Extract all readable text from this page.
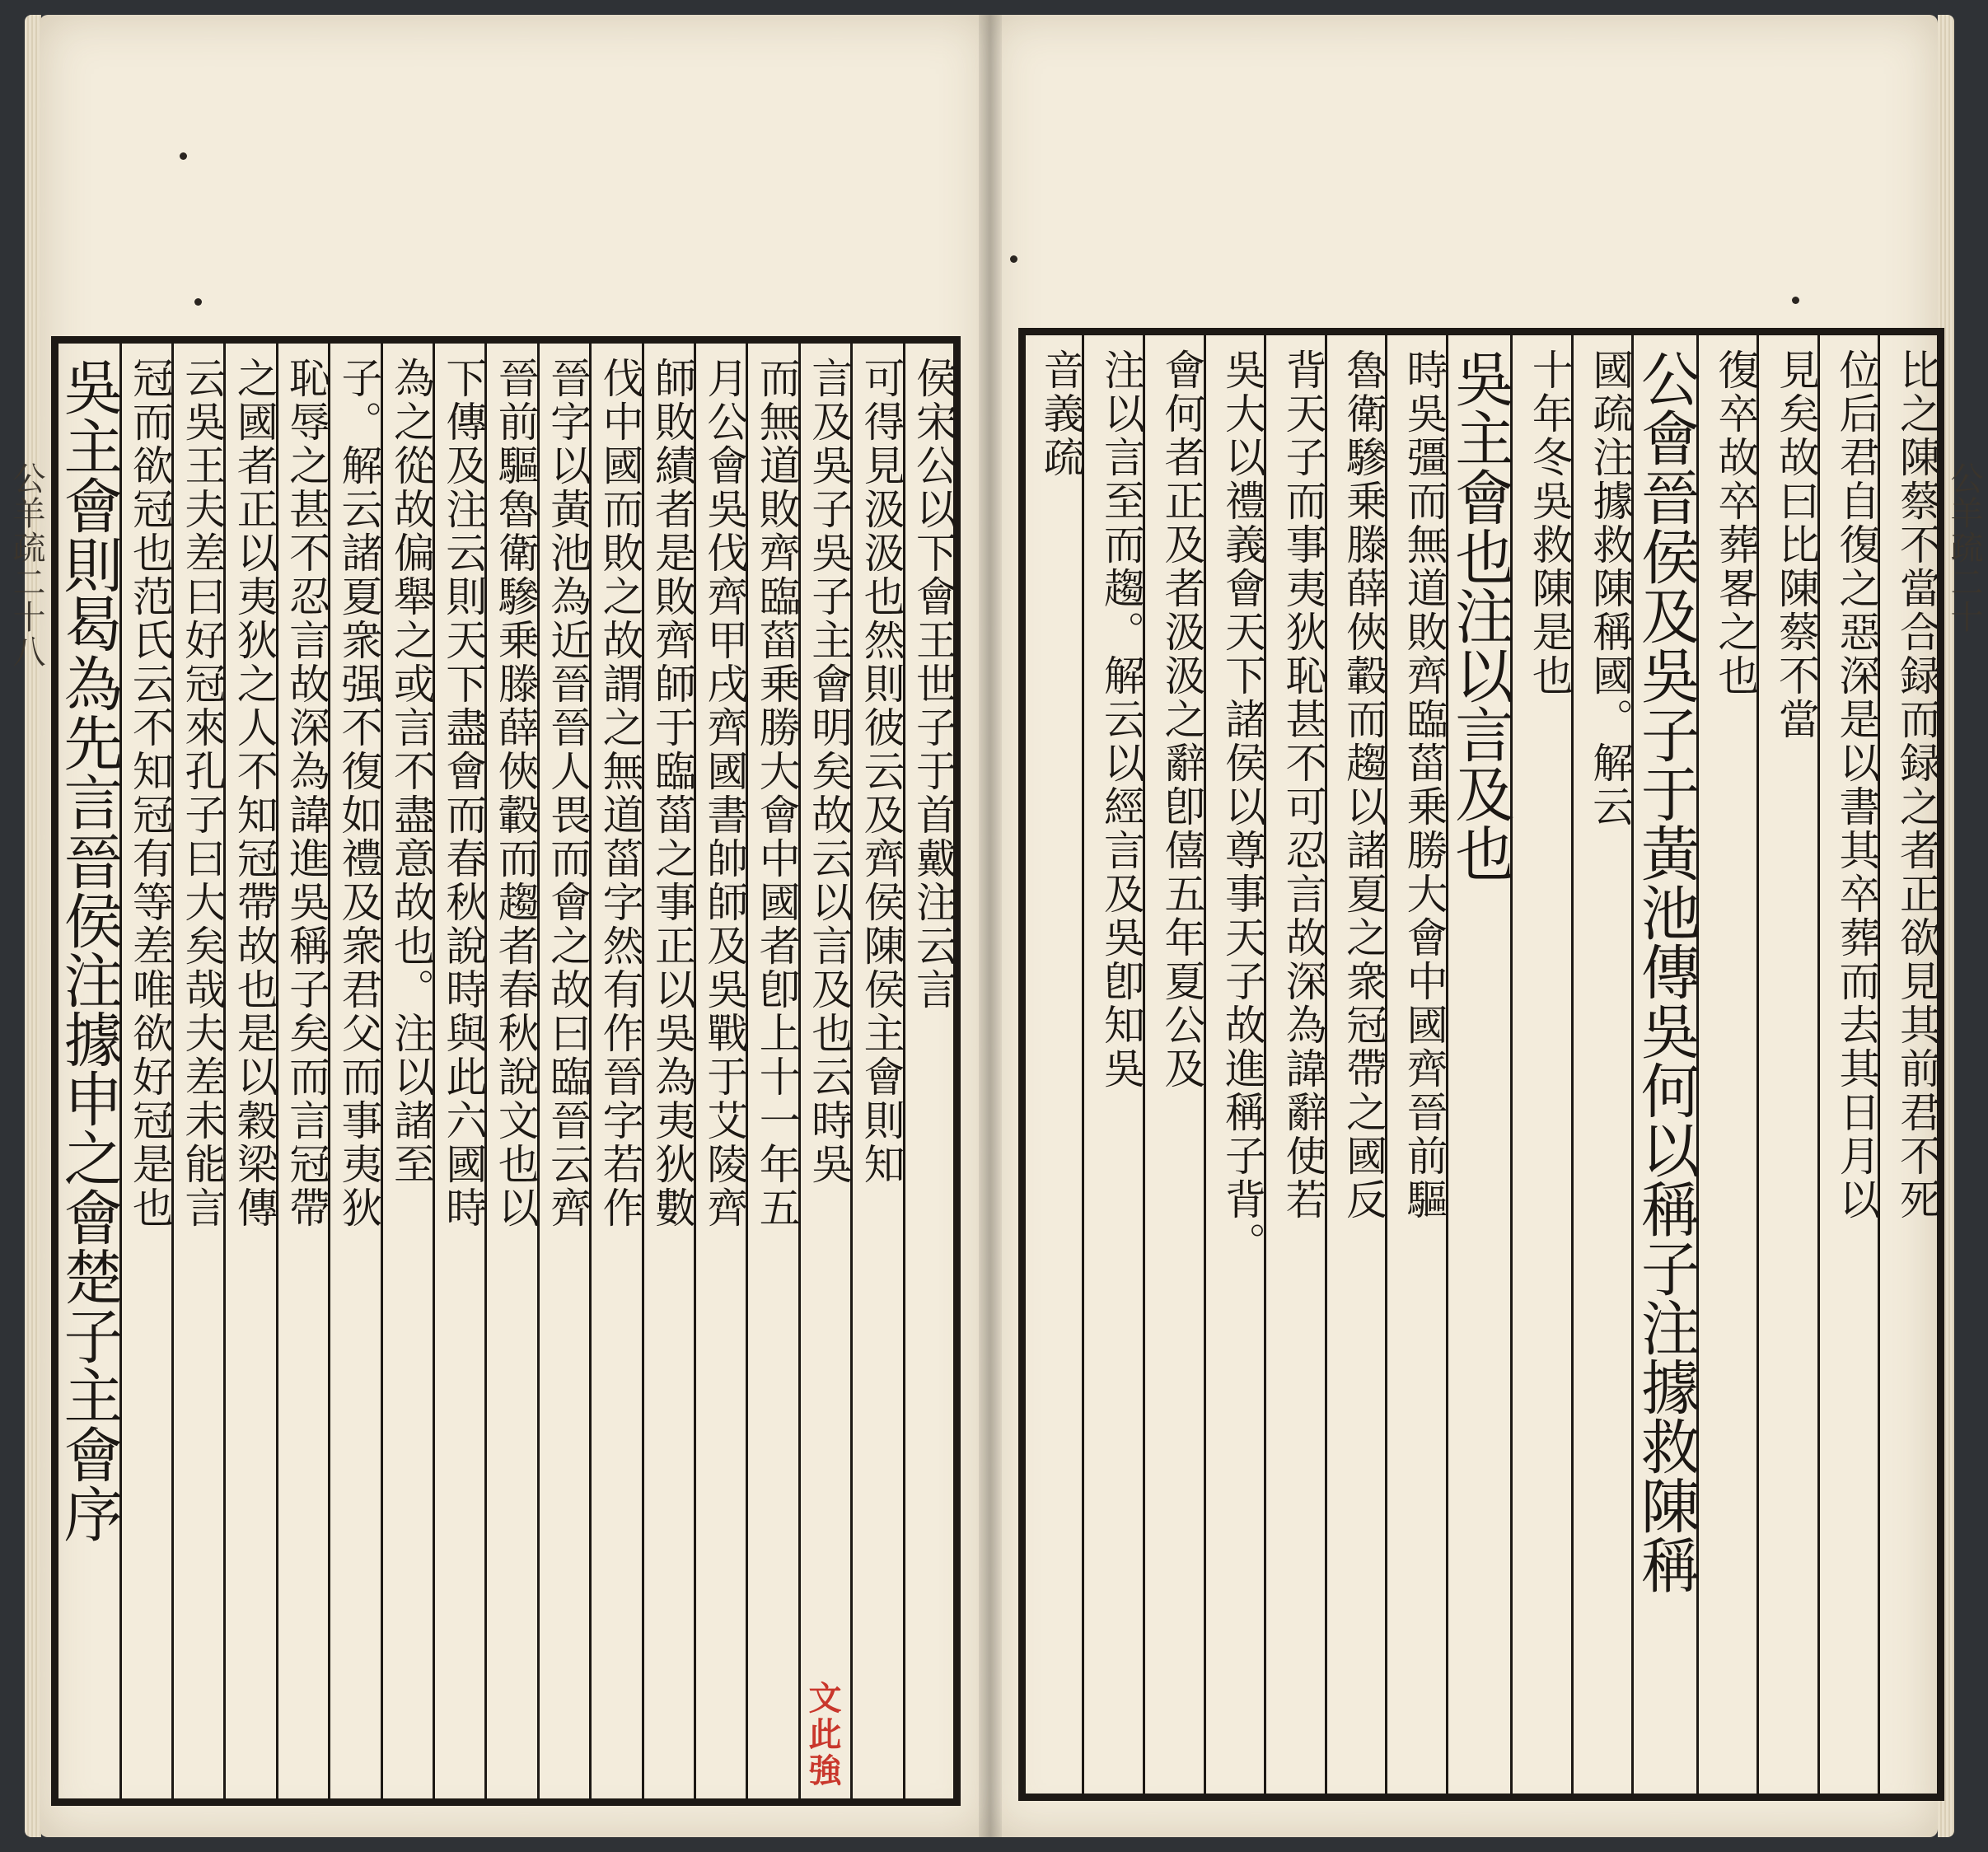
侯宋公以下會王世子于首戴注云言
可得見汲汲也然則彼云及齊侯陳侯主會則知
言及吳子吳子主會明矣故云以言及也云時吳
而無道敗齊臨菑乗勝大會中國者卽上十一年五
月公會吳伐齊甲戌齊國書帥師及吳戰于艾陵齊
師敗績者是敗齊師于臨菑之事正以吳為夷狄數
伐中國而敗之故謂之無道菑字然有作晉字若作
晉字以黃池為近晉晉人畏而會之故曰臨晉云齊
晉前驅魯衛驂乗滕薛俠轂而趨者春秋說文也以
下傳及注云則天下盡會而春秋說時與此六國時
為之從故偏舉之或言不盡意故也。注以諸至
子。解云諸夏衆强不復如禮及衆君父而事夷狄
恥辱之甚不忍言故深為諱進吳稱子矣而言冠帶
之國者正以夷狄之人不知冠帶故也是以穀梁傳
云吳王夫差曰好冠來孔子曰大矣哉夫差未能言
冠而欲冠也范氏云不知冠有等差唯欲好冠是也
吳主會則曷為先言晉侯注據申之會楚子主會序
文此強
公羊疏二十八	比之陳蔡不當合録而録之者正欲見其前君不死
位后君自復之惡深是以書其卒葬而去其日月以
見矣故曰比陳蔡不當
復卒故卒葬畧之也
公會晉侯及吳子于黃池傳吳何以稱子注據救陳稱
國疏注據救陳稱國。解云
十年冬吳救陳是也
吳主會也注以言及也
時吳彊而無道敗齊臨菑乗勝大會中國齊晉前驅
魯衛驂乗滕薛俠轂而趨以諸夏之衆冠帶之國反
背天子而事夷狄恥甚不可忍言故深為諱辭使若
吳大以禮義會天下諸侯以尊事天子故進稱子背。
會何者正及者汲汲之辭卽僖五年夏公及
注以言至而趨。解云以經言及吳卽知吳
音義疏
公羊疏二十
